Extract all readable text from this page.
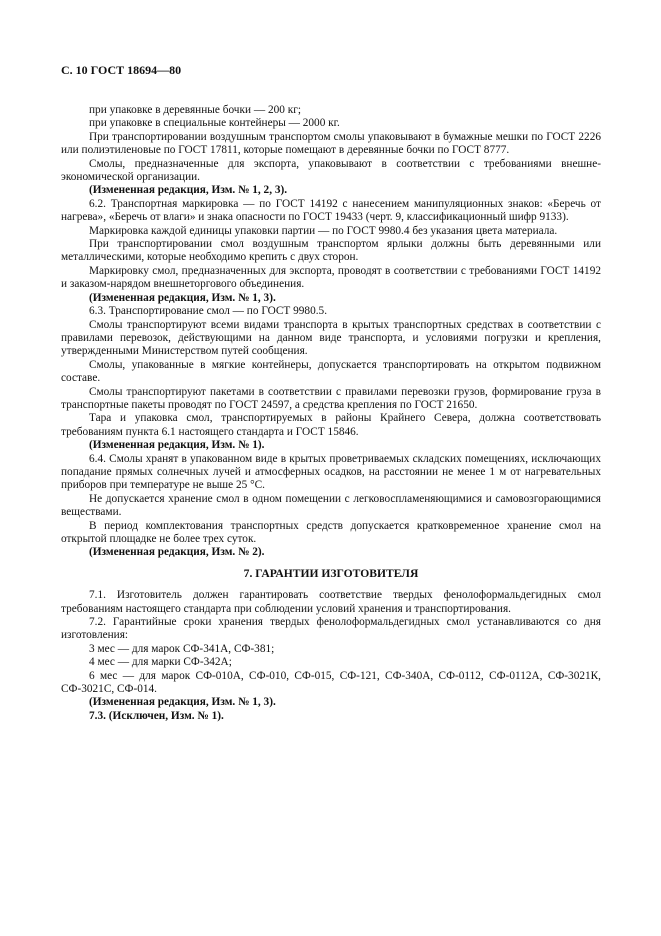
С. 10 ГОСТ 18694—80

при упаковке в деревянные бочки — 200 кг;

при упаковке в специальные контейнеры — 2000 кг.

При транспортировании воздушным транспортом смолы упаковывают в бумажные мешки по ГОСТ 2226 или полиэтиленовые по ГОСТ 17811, которые помещают в деревянные бочки по ГОСТ 8777.

Смолы, предназначенные для экспорта, упаковывают в соответствии с требованиями внешне-экономической организации.

(Измененная редакция, Изм. № 1, 2, 3).

6.2. Транспортная маркировка — по ГОСТ 14192 с нанесением манипуляционных знаков: «Беречь от нагрева», «Беречь от влаги» и знака опасности по ГОСТ 19433 (черт. 9, классификационный шифр 9133).

Маркировка каждой единицы упаковки партии — по ГОСТ 9980.4 без указания цвета материала.

При транспортировании смол воздушным транспортом ярлыки должны быть деревянными или металлическими, которые необходимо крепить с двух сторон.

Маркировку смол, предназначенных для экспорта, проводят в соответствии с требованиями ГОСТ 14192 и заказом-нарядом внешнеторгового объединения.

(Измененная редакция, Изм. № 1, 3).

6.3. Транспортирование смол — по ГОСТ 9980.5.

Смолы транспортируют всеми видами транспорта в крытых транспортных средствах в соответствии с правилами перевозок, действующими на данном виде транспорта, и условиями погрузки и крепления, утвержденными Министерством путей сообщения.

Смолы, упакованные в мягкие контейнеры, допускается транспортировать на открытом подвижном составе.

Смолы транспортируют пакетами в соответствии с правилами перевозки грузов, формирование груза в транспортные пакеты проводят по ГОСТ 24597, а средства крепления по ГОСТ 21650.

Тара и упаковка смол, транспортируемых в районы Крайнего Севера, должна соответствовать требованиям пункта 6.1 настоящего стандарта и ГОСТ 15846.

(Измененная редакция, Изм. № 1).

6.4. Смолы хранят в упакованном виде в крытых проветриваемых складских помещениях, исключающих попадание прямых солнечных лучей и атмосферных осадков, на расстоянии не менее 1 м от нагревательных приборов при температуре не выше 25 °С.

Не допускается хранение смол в одном помещении с легковоспламеняющимися и самовозгорающимися веществами.

В период комплектования транспортных средств допускается кратковременное хранение смол на открытой площадке не более трех суток.

(Измененная редакция, Изм. № 2).

7. ГАРАНТИИ ИЗГОТОВИТЕЛЯ

7.1. Изготовитель должен гарантировать соответствие твердых фенолоформальдегидных смол требованиям настоящего стандарта при соблюдении условий хранения и транспортирования.

7.2. Гарантийные сроки хранения твердых фенолоформальдегидных смол устанавливаются со дня изготовления:

3 мес — для марок СФ-341А, СФ-381;

4 мес — для марки СФ-342А;

6 мес — для марок СФ-010А, СФ-010, СФ-015, СФ-121, СФ-340А, СФ-0112, СФ-0112А, СФ-3021К, СФ-3021С, СФ-014.

(Измененная редакция, Изм. № 1, 3).

7.3. (Исключен, Изм. № 1).
